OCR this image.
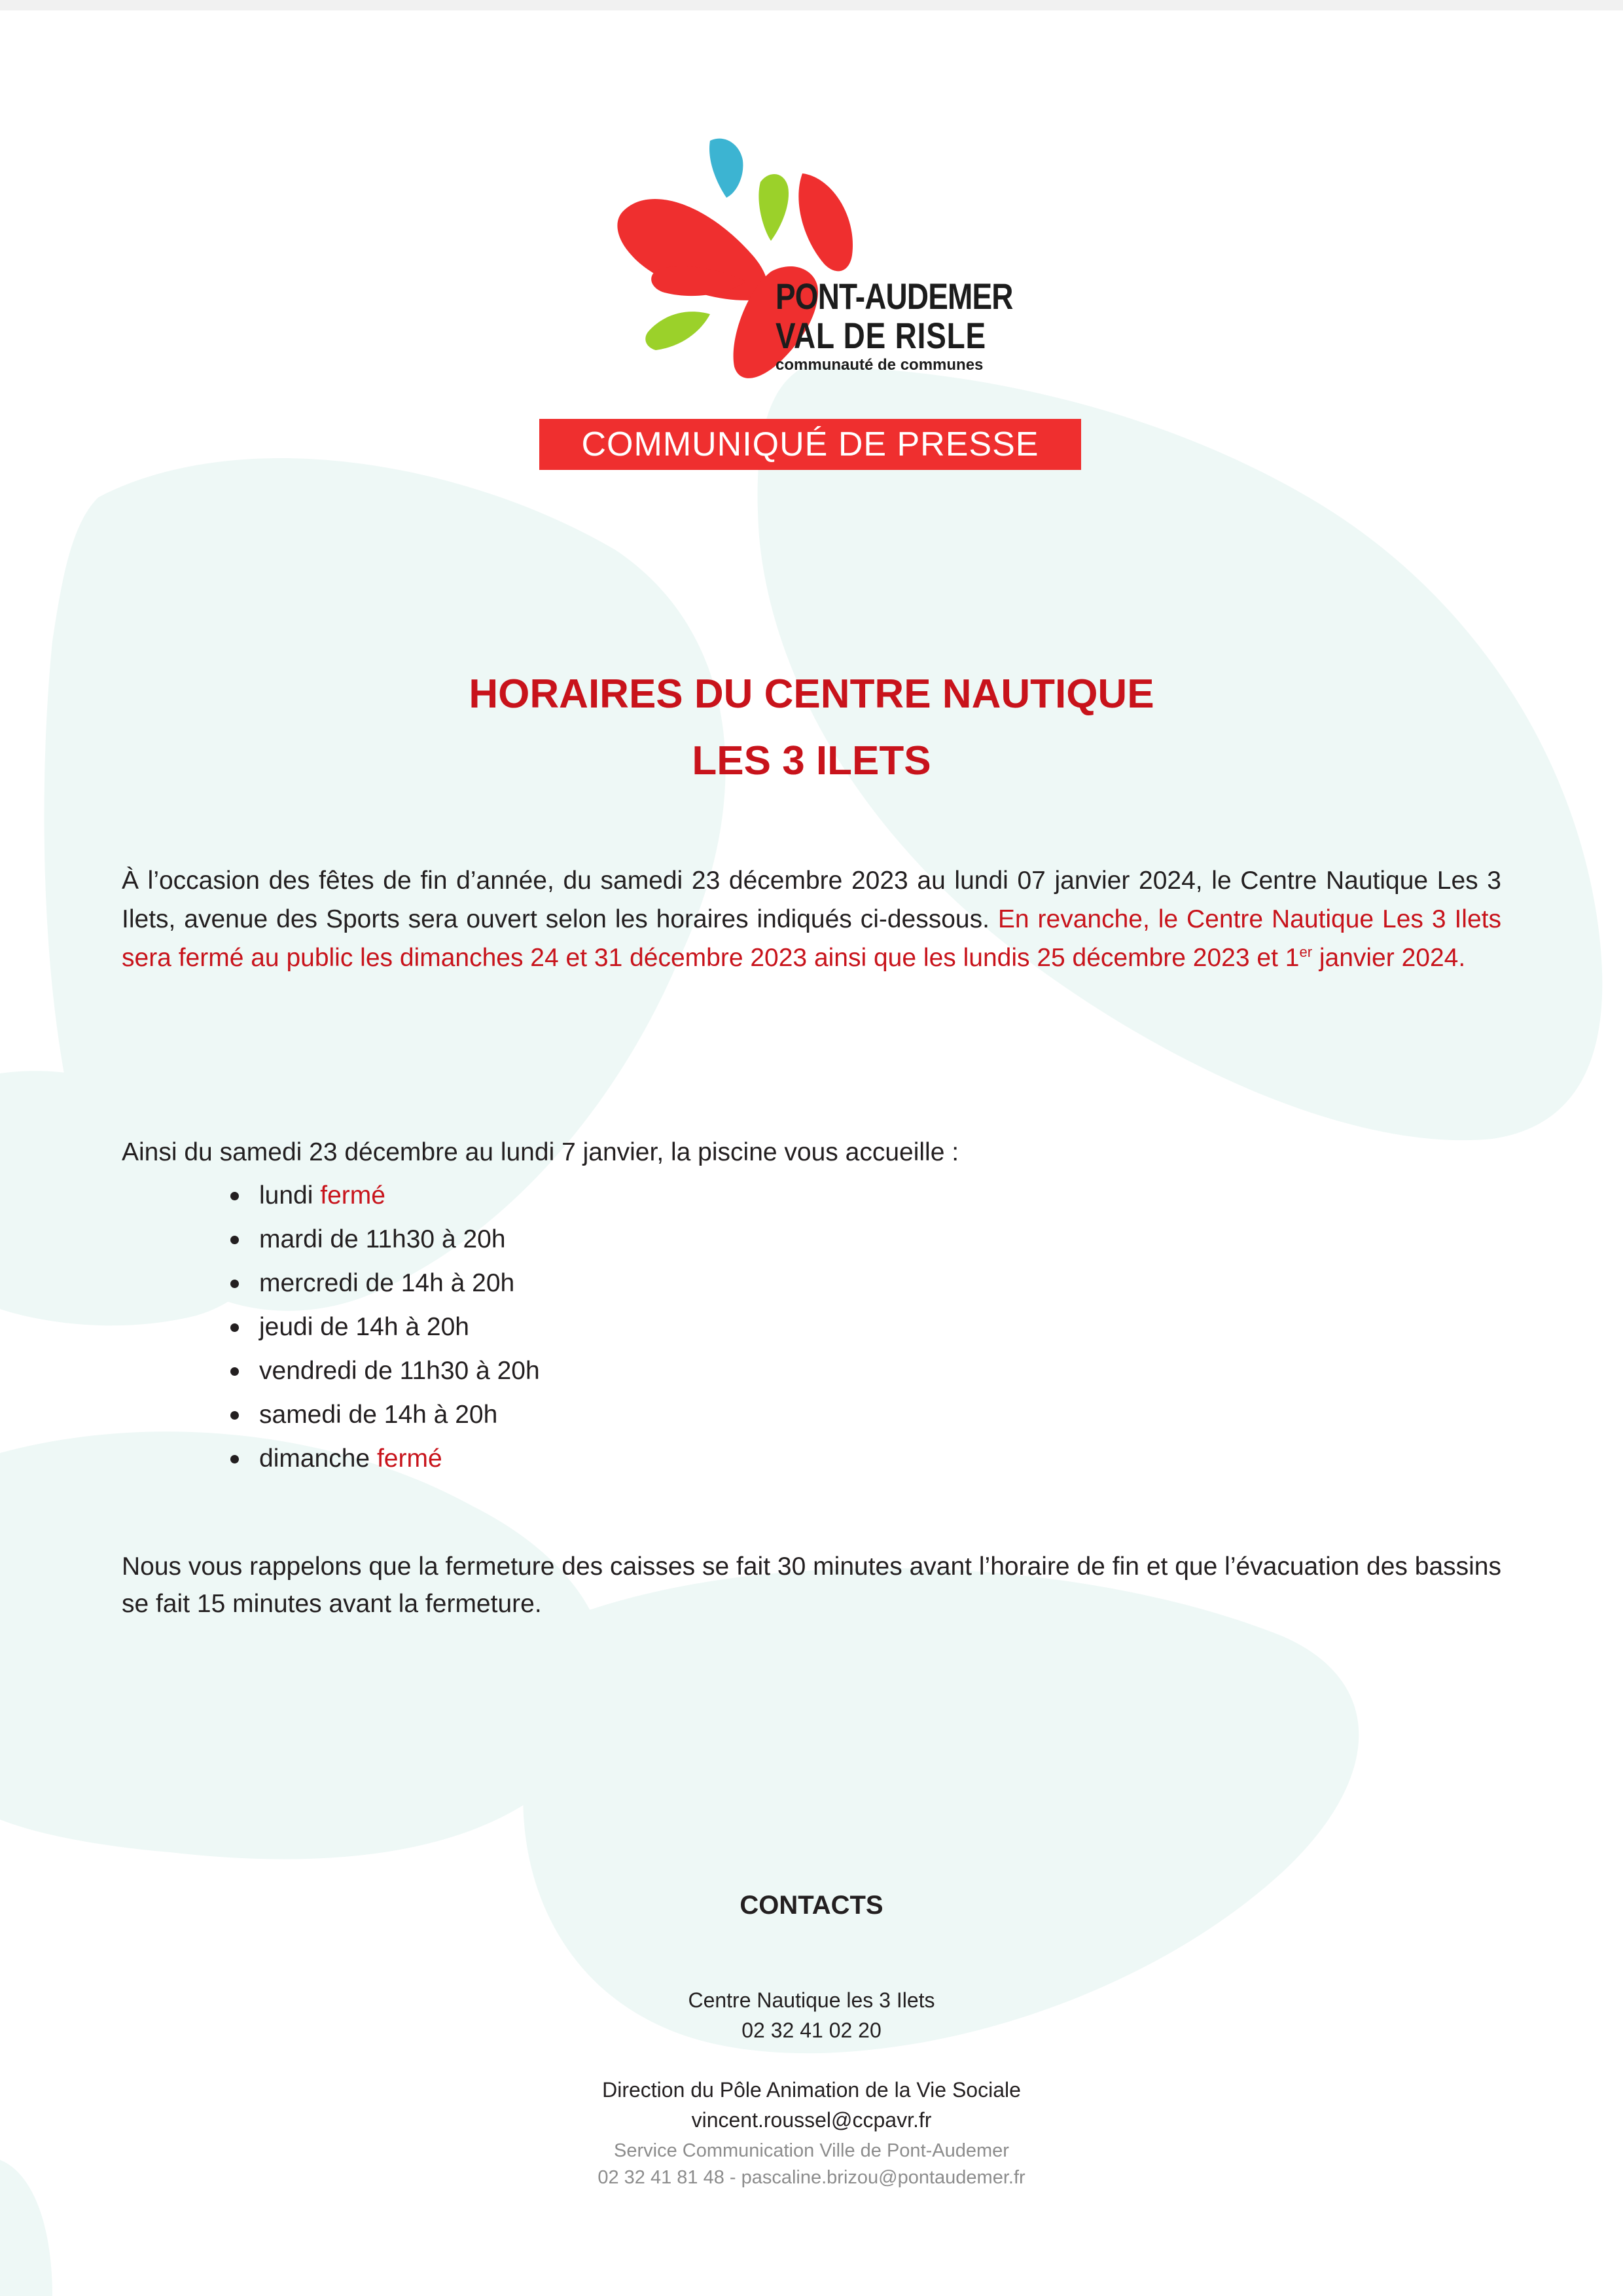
PONT-AUDEMER
VAL DE RISLE
communauté de communes
COMMUNIQUÉ DE PRESSE
HORAIRES DU CENTRE NAUTIQUE
LES 3 ILETS
À l’occasion des fêtes de fin d’année, du samedi 23 décembre 2023 au lundi 07 janvier 2024, le Centre Nautique Les 3 Ilets, avenue des Sports sera ouvert selon les horaires indiqués ci-dessous. En revanche, le Centre Nautique Les 3 Ilets sera fermé au public les dimanches 24 et 31 décembre 2023 ainsi que les lundis 25 décembre 2023 et 1er janvier 2024.
Ainsi du samedi 23 décembre au lundi 7 janvier, la piscine vous accueille :
lundi fermé
mardi de 11h30 à 20h
mercredi de 14h à 20h
jeudi de 14h à 20h
vendredi de 11h30 à 20h
samedi de 14h à 20h
dimanche fermé
Nous vous rappelons que la fermeture des caisses se fait 30 minutes avant l’horaire de fin et que l’évacuation des bassins se fait 15 minutes avant la fermeture.
CONTACTS
Centre Nautique les 3 Ilets
02 32 41 02 20
Direction du Pôle Animation de la Vie Sociale
vincent.roussel@ccpavr.fr
Service Communication Ville de Pont-Audemer
02 32 41 81 48 - pascaline.brizou@pontaudemer.fr
